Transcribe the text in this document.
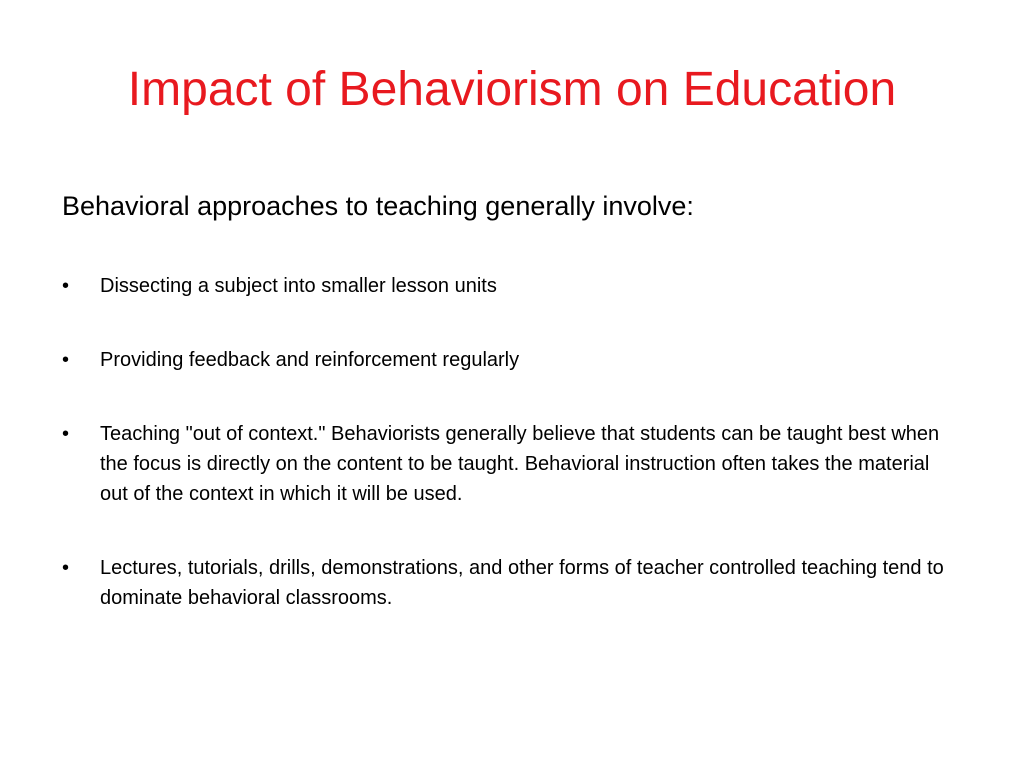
Impact of Behaviorism on Education

Behavioral approaches to teaching generally involve:

•	Dissecting a subject into smaller lesson units
•	Providing feedback and reinforcement regularly
•	Teaching "out of context." Behaviorists generally believe that students can be taught best when the focus is directly on the content to be taught. Behavioral instruction often takes the material out of the context in which it will be used.
•	Lectures, tutorials, drills, demonstrations, and other forms of teacher controlled teaching tend to dominate behavioral classrooms.
